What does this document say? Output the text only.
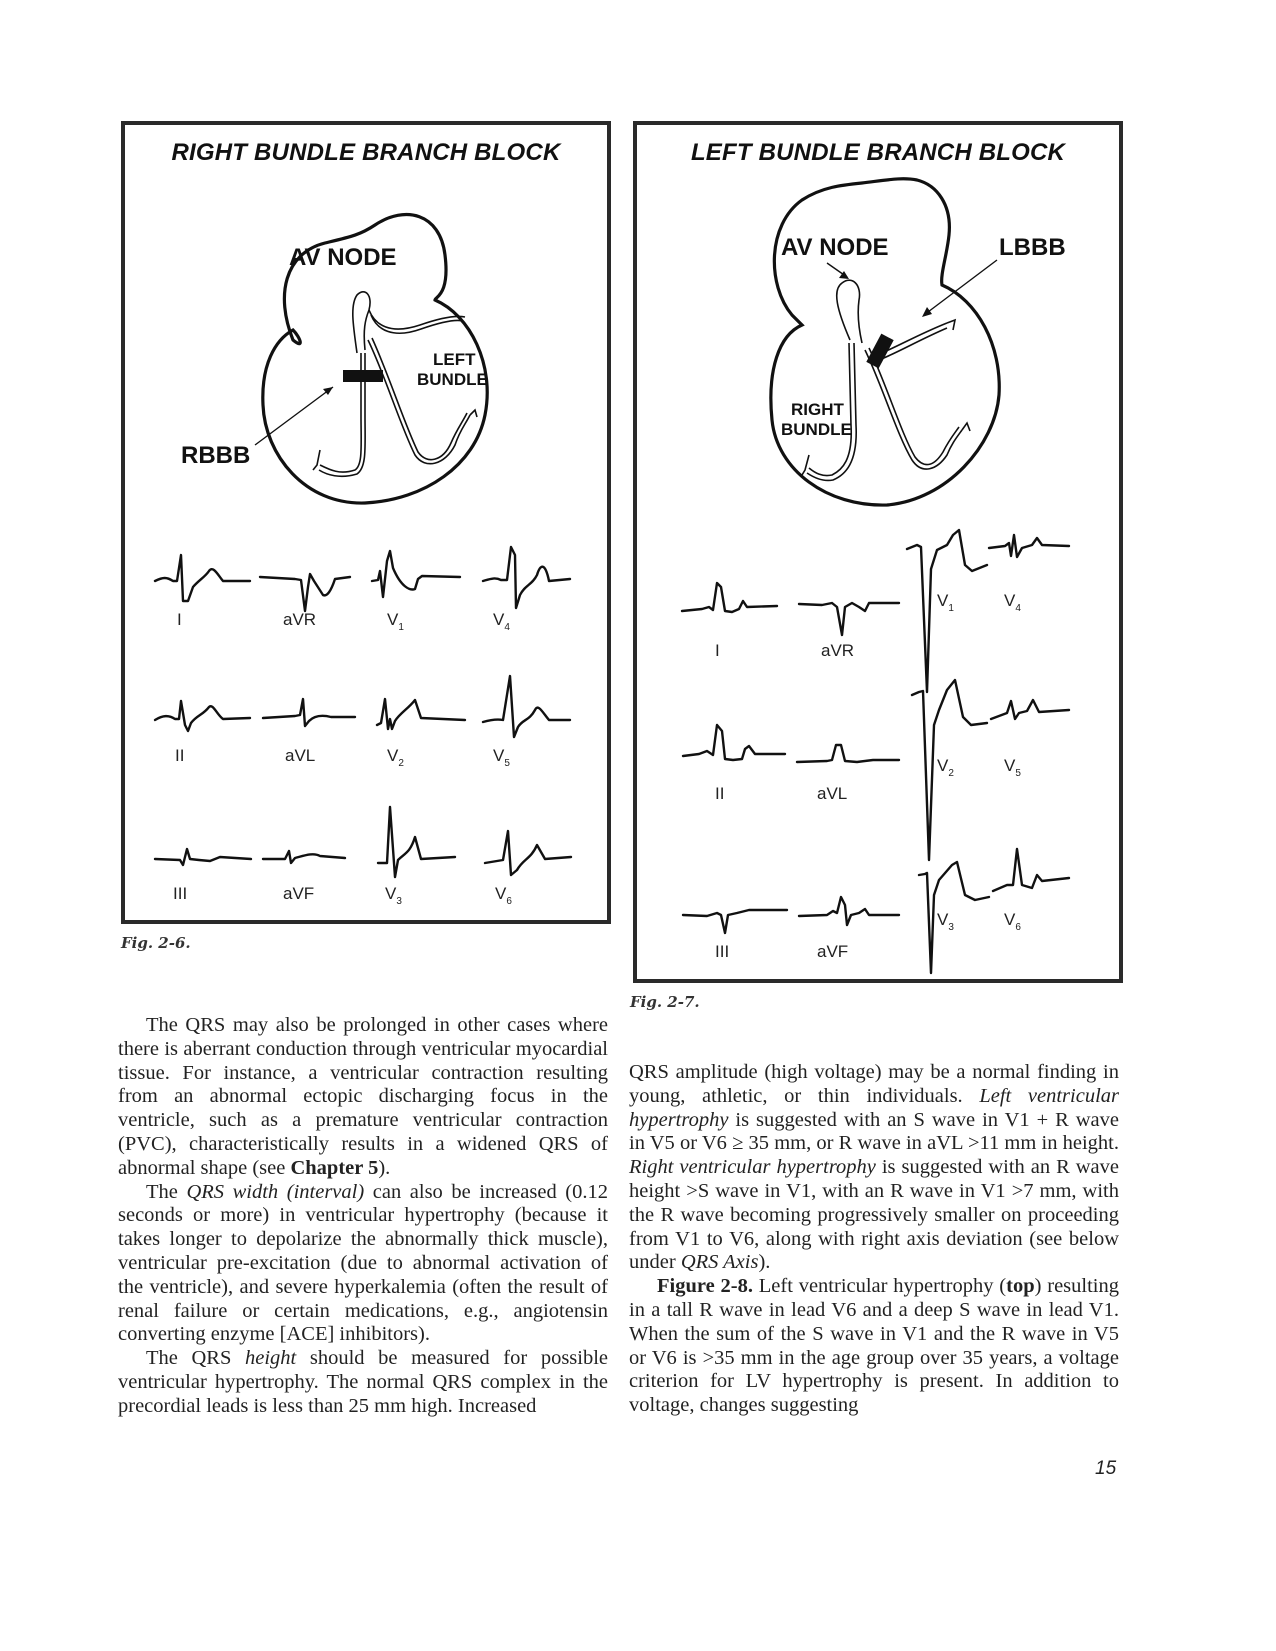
RIGHT BUNDLE BRANCH BLOCK
AV NODE
LEFT
BUNDLE
RBBB
I	aVR	$V_1$	$V_4$
II	aVL	$V_2$	$V_5$
III	aVF	$V_3$	$V_6$
Fig. 2-6.
LEFT BUNDLE BRANCH BLOCK
AV NODE	LBBB
RIGHT
BUNDLE
I	aVR
II	aVL
III	aVF
$V_1$
$V_2$
$V_3$
$V_4$
$V_5$
$V_6$
Fig. 2-7.

The QRS may also be prolonged in other cases where there is aberrant conduction through ventricular myocardial tissue. For instance, a ventricular contraction resulting from an abnormal ectopic discharging focus in the ventricle, such as a premature ventricular contraction (PVC), characteristically results in a widened QRS of abnormal shape (see Chapter 5).

The QRS width (interval) can also be increased (0.12 seconds or more) in ventricular hypertrophy (because it takes longer to depolarize the abnormally thick muscle), ventricular pre-excitation (due to abnormal activation of the ventricle), and severe hyperkalemia (often the result of renal failure or certain medications, e.g., angiotensin converting enzyme [ACE] inhibitors).

The QRS height should be measured for possible ventricular hypertrophy. The normal QRS complex in the precordial leads is less than 25 mm high. Increased

QRS amplitude (high voltage) may be a normal finding in young, athletic, or thin individuals. Left ventricular hypertrophy is suggested with an S wave in V1 + R wave in V5 or V6 ≥ 35 mm, or R wave in aVL >11 mm in height. Right ventricular hypertrophy is suggested with an R wave height >S wave in V1, with an R wave in V1 >7 mm, with the R wave becoming progressively smaller on proceeding from V1 to V6, along with right axis deviation (see below under QRS Axis).

Figure 2-8. Left ventricular hypertrophy (top) resulting in a tall R wave in lead V6 and a deep S wave in lead V1. When the sum of the S wave in V1 and the R wave in V5 or V6 is >35 mm in the age group over 35 years, a voltage criterion for LV hypertrophy is present. In addition to voltage, changes suggesting

15
